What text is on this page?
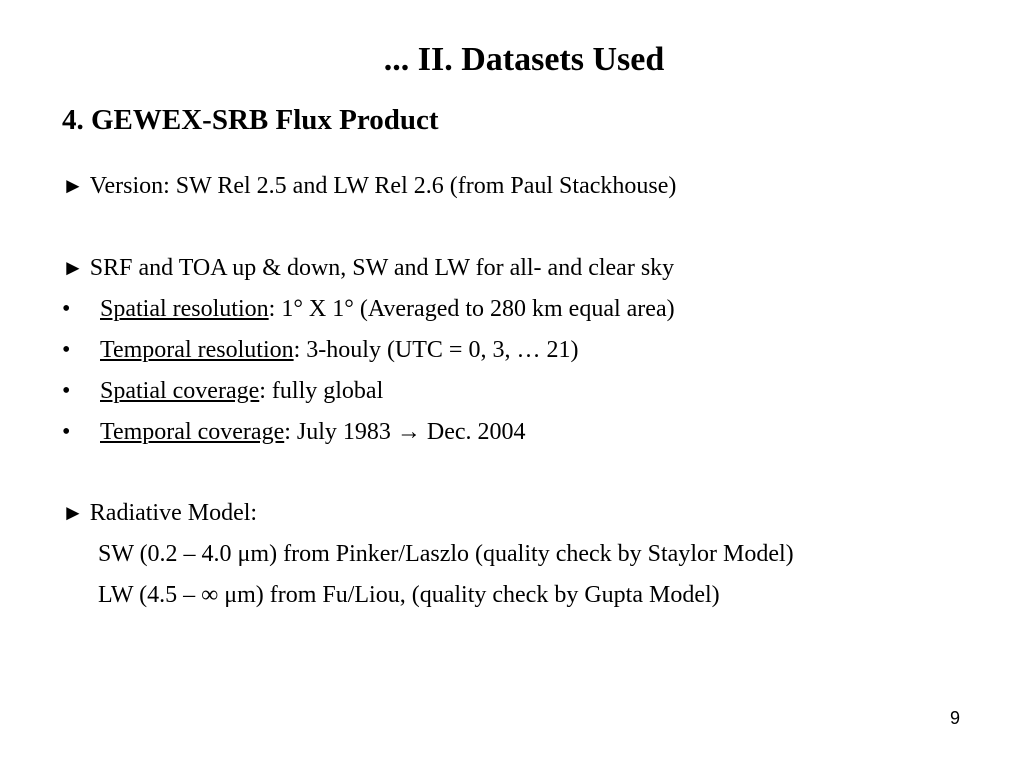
... II. Datasets Used
4. GEWEX-SRB Flux Product
► Version: SW Rel 2.5 and LW Rel 2.6 (from Paul Stackhouse)
► SRF and TOA up & down, SW and LW for all- and clear sky
• Spatial resolution: 1° X 1° (Averaged to 280 km equal area)
• Temporal resolution: 3-houly (UTC = 0, 3, … 21)
• Spatial coverage: fully global
• Temporal coverage: July 1983 → Dec. 2004
► Radiative Model:
SW (0.2 – 4.0 μm) from Pinker/Laszlo (quality check by Staylor Model)
LW (4.5 – ∞ μm) from Fu/Liou, (quality check by Gupta Model)
9
